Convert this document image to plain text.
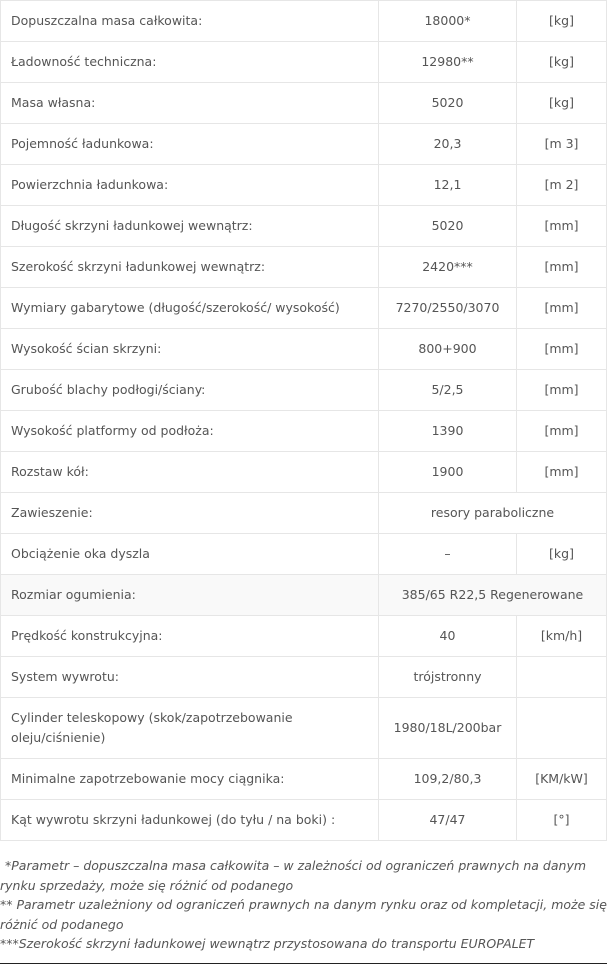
Dopuszczalna masa całkowita:	18000*	[kg]
Ładowność techniczna:	12980**	[kg]
Masa własna:	5020	[kg]
Pojemność ładunkowa:	20,3	[m 3]
Powierzchnia ładunkowa:	12,1	[m 2]
Długość skrzyni ładunkowej wewnątrz:	5020	[mm]
Szerokość skrzyni ładunkowej wewnątrz:	2420***	[mm]
Wymiary gabarytowe (długość/szerokość/ wysokość)	7270/2550/3070	[mm]
Wysokość ścian skrzyni:	800+900	[mm]
Grubość blachy podłogi/ściany:	5/2,5	[mm]
Wysokość platformy od podłoża:	1390	[mm]
Rozstaw kół:	1900	[mm]
Zawieszenie:	resory paraboliczne	
Obciążenie oka dyszla	–	[kg]
Rozmiar ogumienia:	385/65 R22,5 Regenerowane	
Prędkość konstrukcyjna:	40	[km/h]
System wywrotu:	trójstronny	
Cylinder teleskopowy (skok/zapotrzebowanie oleju/ciśnienie)	1980/18L/200bar	
Minimalne zapotrzebowanie mocy ciągnika:	109,2/80,3	[KM/kW]
Kąt wywrotu skrzyni ładunkowej (do tyłu / na boki) :	47/47	[°]

*Parametr – dopuszczalna masa całkowita – w zależności od ograniczeń prawnych na danym rynku sprzedaży, może się różnić od podanego

** Parametr uzależniony od ograniczeń prawnych na danym rynku oraz od kompletacji, może się różnić od podanego

***Szerokość skrzyni ładunkowej wewnątrz przystosowana do transportu EUROPALET
